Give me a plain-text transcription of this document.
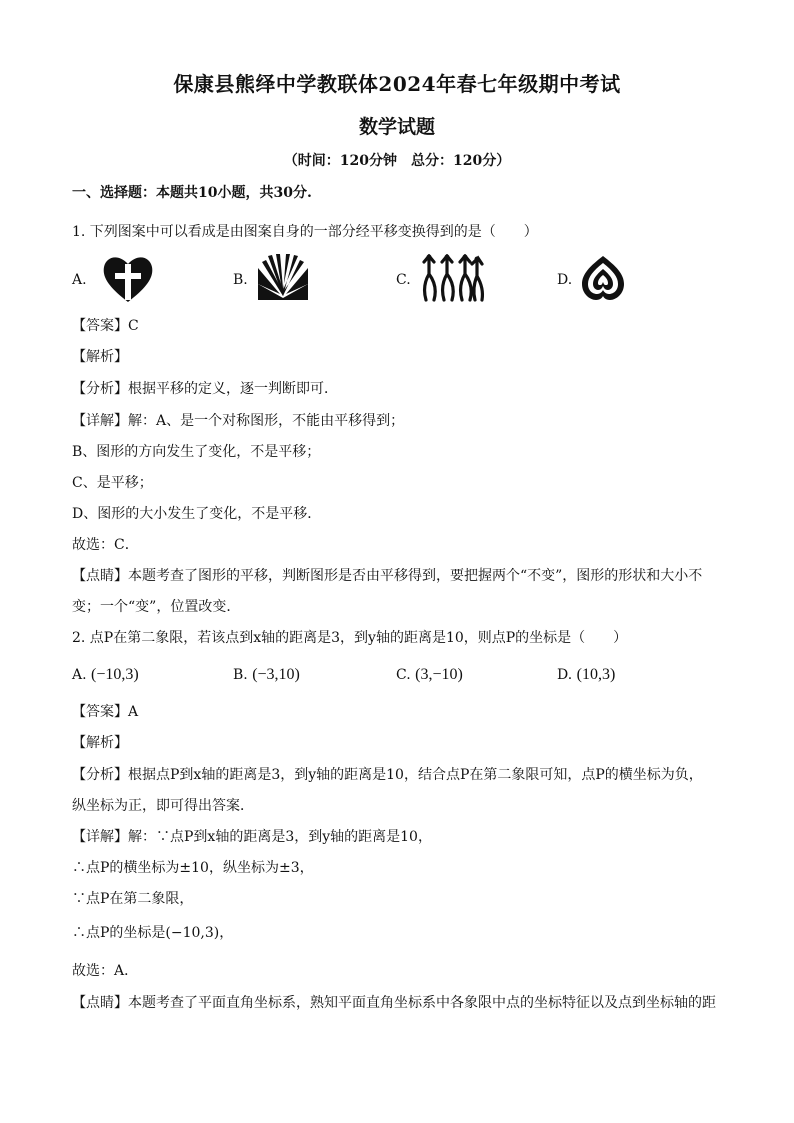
保康县熊绎中学教联体2024年春七年级期中考试
数学试题
（时间：120分钟　总分：120分）
一、选择题：本题共10小题，共30分.
1. 下列图案中可以看成是由图案自身的一部分经平移变换得到的是（　　）
A.	B.	C.	D.
【答案】C
【解析】
【分析】根据平移的定义，逐一判断即可．
【详解】解：A、是一个对称图形，不能由平移得到；
B、图形的方向发生了变化，不是平移；
C、是平移；
D、图形的大小发生了变化，不是平移．
故选：C．
【点睛】本题考查了图形的平移，判断图形是否由平移得到，要把握两个“不变”，图形的形状和大小不
变；一个“变”，位置改变．
2. 点P在第二象限，若该点到x轴的距离是3，到y轴的距离是10，则点P的坐标是（　　）
A. (−10,3)	B. (−3,10)	C. (3,−10)	D. (10,3)
【答案】A
【解析】
【分析】根据点P到x轴的距离是3，到y轴的距离是10，结合点P在第二象限可知，点P的横坐标为负，
纵坐标为正，即可得出答案．
【详解】解：∵点P到x轴的距离是3，到y轴的距离是10，
∴点P的横坐标为±10，纵坐标为±3，
∵点P在第二象限，
∴点P的坐标是(−10,3)，
故选：A．
【点睛】本题考查了平面直角坐标系，熟知平面直角坐标系中各象限中点的坐标特征以及点到坐标轴的距
